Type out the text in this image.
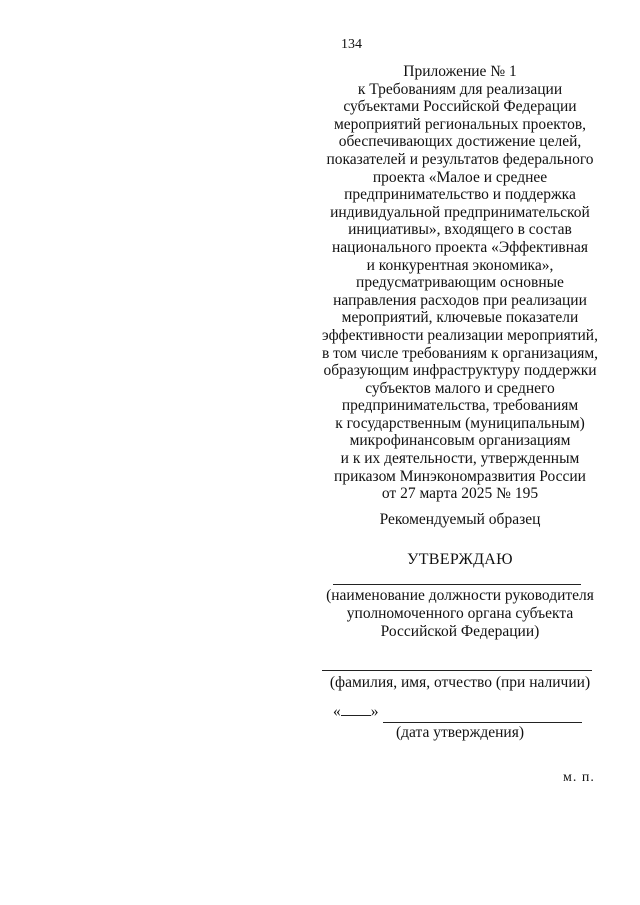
134
Приложение № 1
к Требованиям для реализации
субъектами Российской Федерации
мероприятий региональных проектов,
обеспечивающих достижение целей,
показателей и результатов федерального
проекта «Малое и среднее
предпринимательство и поддержка
индивидуальной предпринимательской
инициативы», входящего в состав
национального проекта «Эффективная
и конкурентная экономика»,
предусматривающим основные
направления расходов при реализации
мероприятий, ключевые показатели
эффективности реализации мероприятий,
в том числе требованиям к организациям,
образующим инфраструктуру поддержки
субъектов малого и среднего
предпринимательства, требованиям
к государственным (муниципальным)
микрофинансовым организациям
и к их деятельности, утвержденным
приказом Минэкономразвития России
от 27 марта 2025 № 195
Рекомендуемый образец
УТВЕРЖДАЮ
(наименование должности руководителя
уполномоченного органа субъекта
Российской Федерации)
(фамилия, имя, отчество (при наличии)
« »
(дата утверждения)
м. п.
